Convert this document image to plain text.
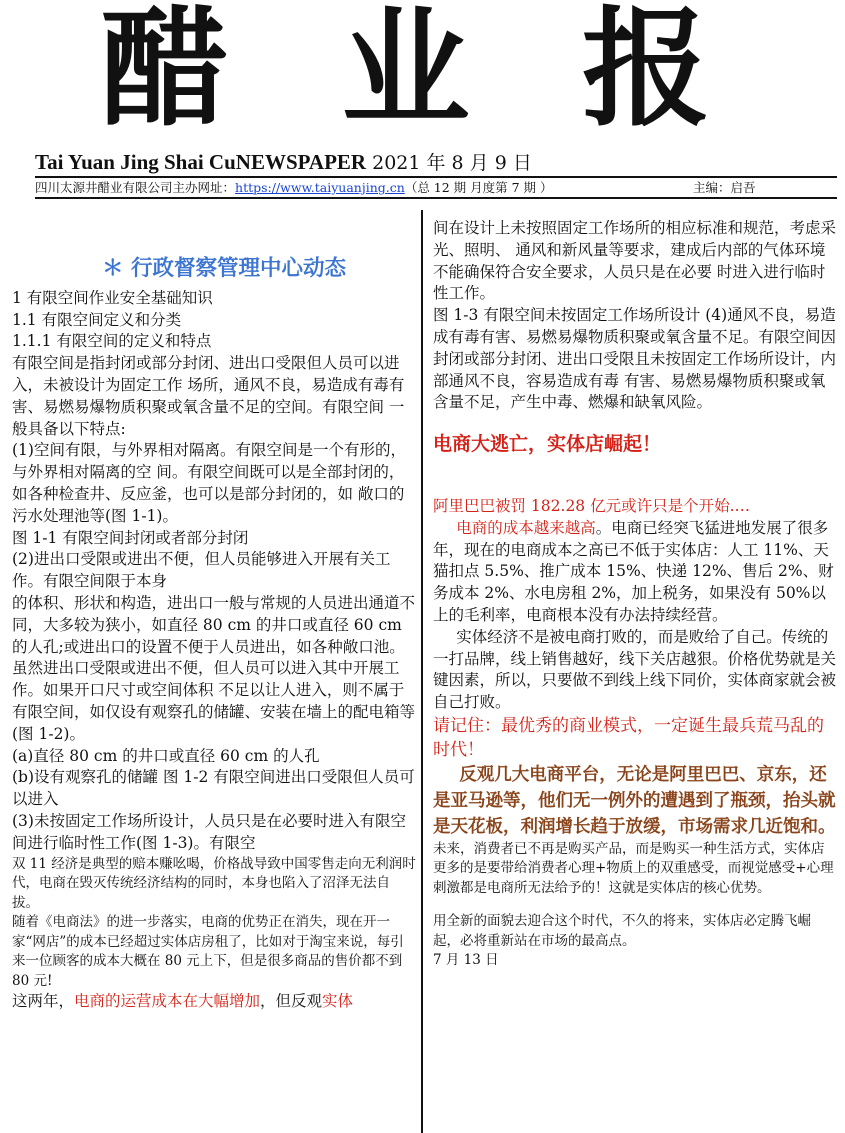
醋 业 报
Tai Yuan Jing Shai CuNEWSPAPER 2021 年 8 月 9 日
四川太源井醋业有限公司主办网址：https://www.taiyuanjing.cn（总 12 期 月度第 7 期 ）	主编：启吾

＊ 行政督察管理中心动态

1 有限空间作业安全基础知识

1.1 有限空间定义和分类

1.1.1 有限空间的定义和特点

有限空间是指封闭或部分封闭、进出口受限但人员可以进入，未被设计为固定工作 场所，通风不良，易造成有毒有害、易燃易爆物质积聚或氧含量不足的空间。有限空间 一般具备以下特点:

(1)空间有限，与外界相对隔离。有限空间是一个有形的，与外界相对隔离的空 间。有限空间既可以是全部封闭的，如各种检查井、反应釜，也可以是部分封闭的，如 敞口的污水处理池等(图 1-1)。

图 1-1 有限空间封闭或者部分封闭

(2)进出口受限或进出不便，但人员能够进入开展有关工作。有限空间限于本身

的体积、形状和构造，进出口一般与常规的人员进出通道不同，大多较为狭小，如直径 80 cm 的井口或直径 60 cm 的人孔;或进出口的设置不便于人员进出，如各种敞口池。 虽然进出口受限或进出不便，但人员可以进入其中开展工作。如果开口尺寸或空间体积 不足以让人进入，则不属于有限空间，如仅设有观察孔的储罐、安装在墙上的配电箱等 (图 1-2)。

(a)直径 80 cm 的井口或直径 60 cm 的人孔

(b)设有观察孔的储罐 图 1-2 有限空间进出口受限但人员可以进入

(3)未按固定工作场所设计，人员只是在必要时进入有限空间进行临时性工作(图 1-3)。有限空

双 11 经济是典型的赔本赚吆喝，价格战导致中国零售走向无利润时代，电商在毁灭传统经济结构的同时，本身也陷入了沼泽无法自拔。

随着《电商法》的进一步落实，电商的优势正在消失，现在开一家“网店”的成本已经超过实体店房租了，比如对于淘宝来说，每引来一位顾客的成本大概在 80 元上下，但是很多商品的售价都不到 80 元!

这两年，电商的运营成本在大幅增加，但反观实体

间在设计上未按照固定工作场所的相应标准和规范，考虑采光、照明、 通风和新风量等要求，建成后内部的气体环境不能确保符合安全要求，人员只是在必要 时进入进行临时性工作。

图 1-3 有限空间未按固定工作场所设计 (4)通风不良，易造成有毒有害、易燃易爆物质积聚或氧含量不足。有限空间因 封闭或部分封闭、进出口受限且未按固定工作场所设计，内部通风不良，容易造成有毒 有害、易燃易爆物质积聚或氧含量不足，产生中毒、燃爆和缺氧风险。

电商大逃亡，实体店崛起！

阿里巴巴被罚 182.28 亿元或许只是个开始.…

电商的成本越来越高。电商已经突飞猛进地发展了很多年，现在的电商成本之高已不低于实体店：人工 11%、天猫扣点 5.5%、推广成本 15%、快递 12%、售后 2%、财务成本 2%、水电房租 2%，加上税务，如果没有 50%以上的毛利率，电商根本没有办法持续经营。

实体经济不是被电商打败的，而是败给了自己。传统的一打品牌，线上销售越好，线下关店越狠。价格优势就是关键因素，所以，只要做不到线上线下同价，实体商家就会被自己打败。

请记住：最优秀的商业模式，一定诞生最兵荒马乱的时代！

反观几大电商平台，无论是阿里巴巴、京东，还是亚马逊等，他们无一例外的遭遇到了瓶颈，抬头就是天花板，利润增长趋于放缓，市场需求几近饱和。

未来，消费者已不再是购买产品，而是购买一种生活方式，实体店更多的是要带给消费者心理+物质上的双重感受，而视觉感受+心理刺激都是电商所无法给予的！这就是实体店的核心优势。

用全新的面貌去迎合这个时代，不久的将来，实体店必定腾飞崛起，必将重新站在市场的最高点。

7 月 13 日
